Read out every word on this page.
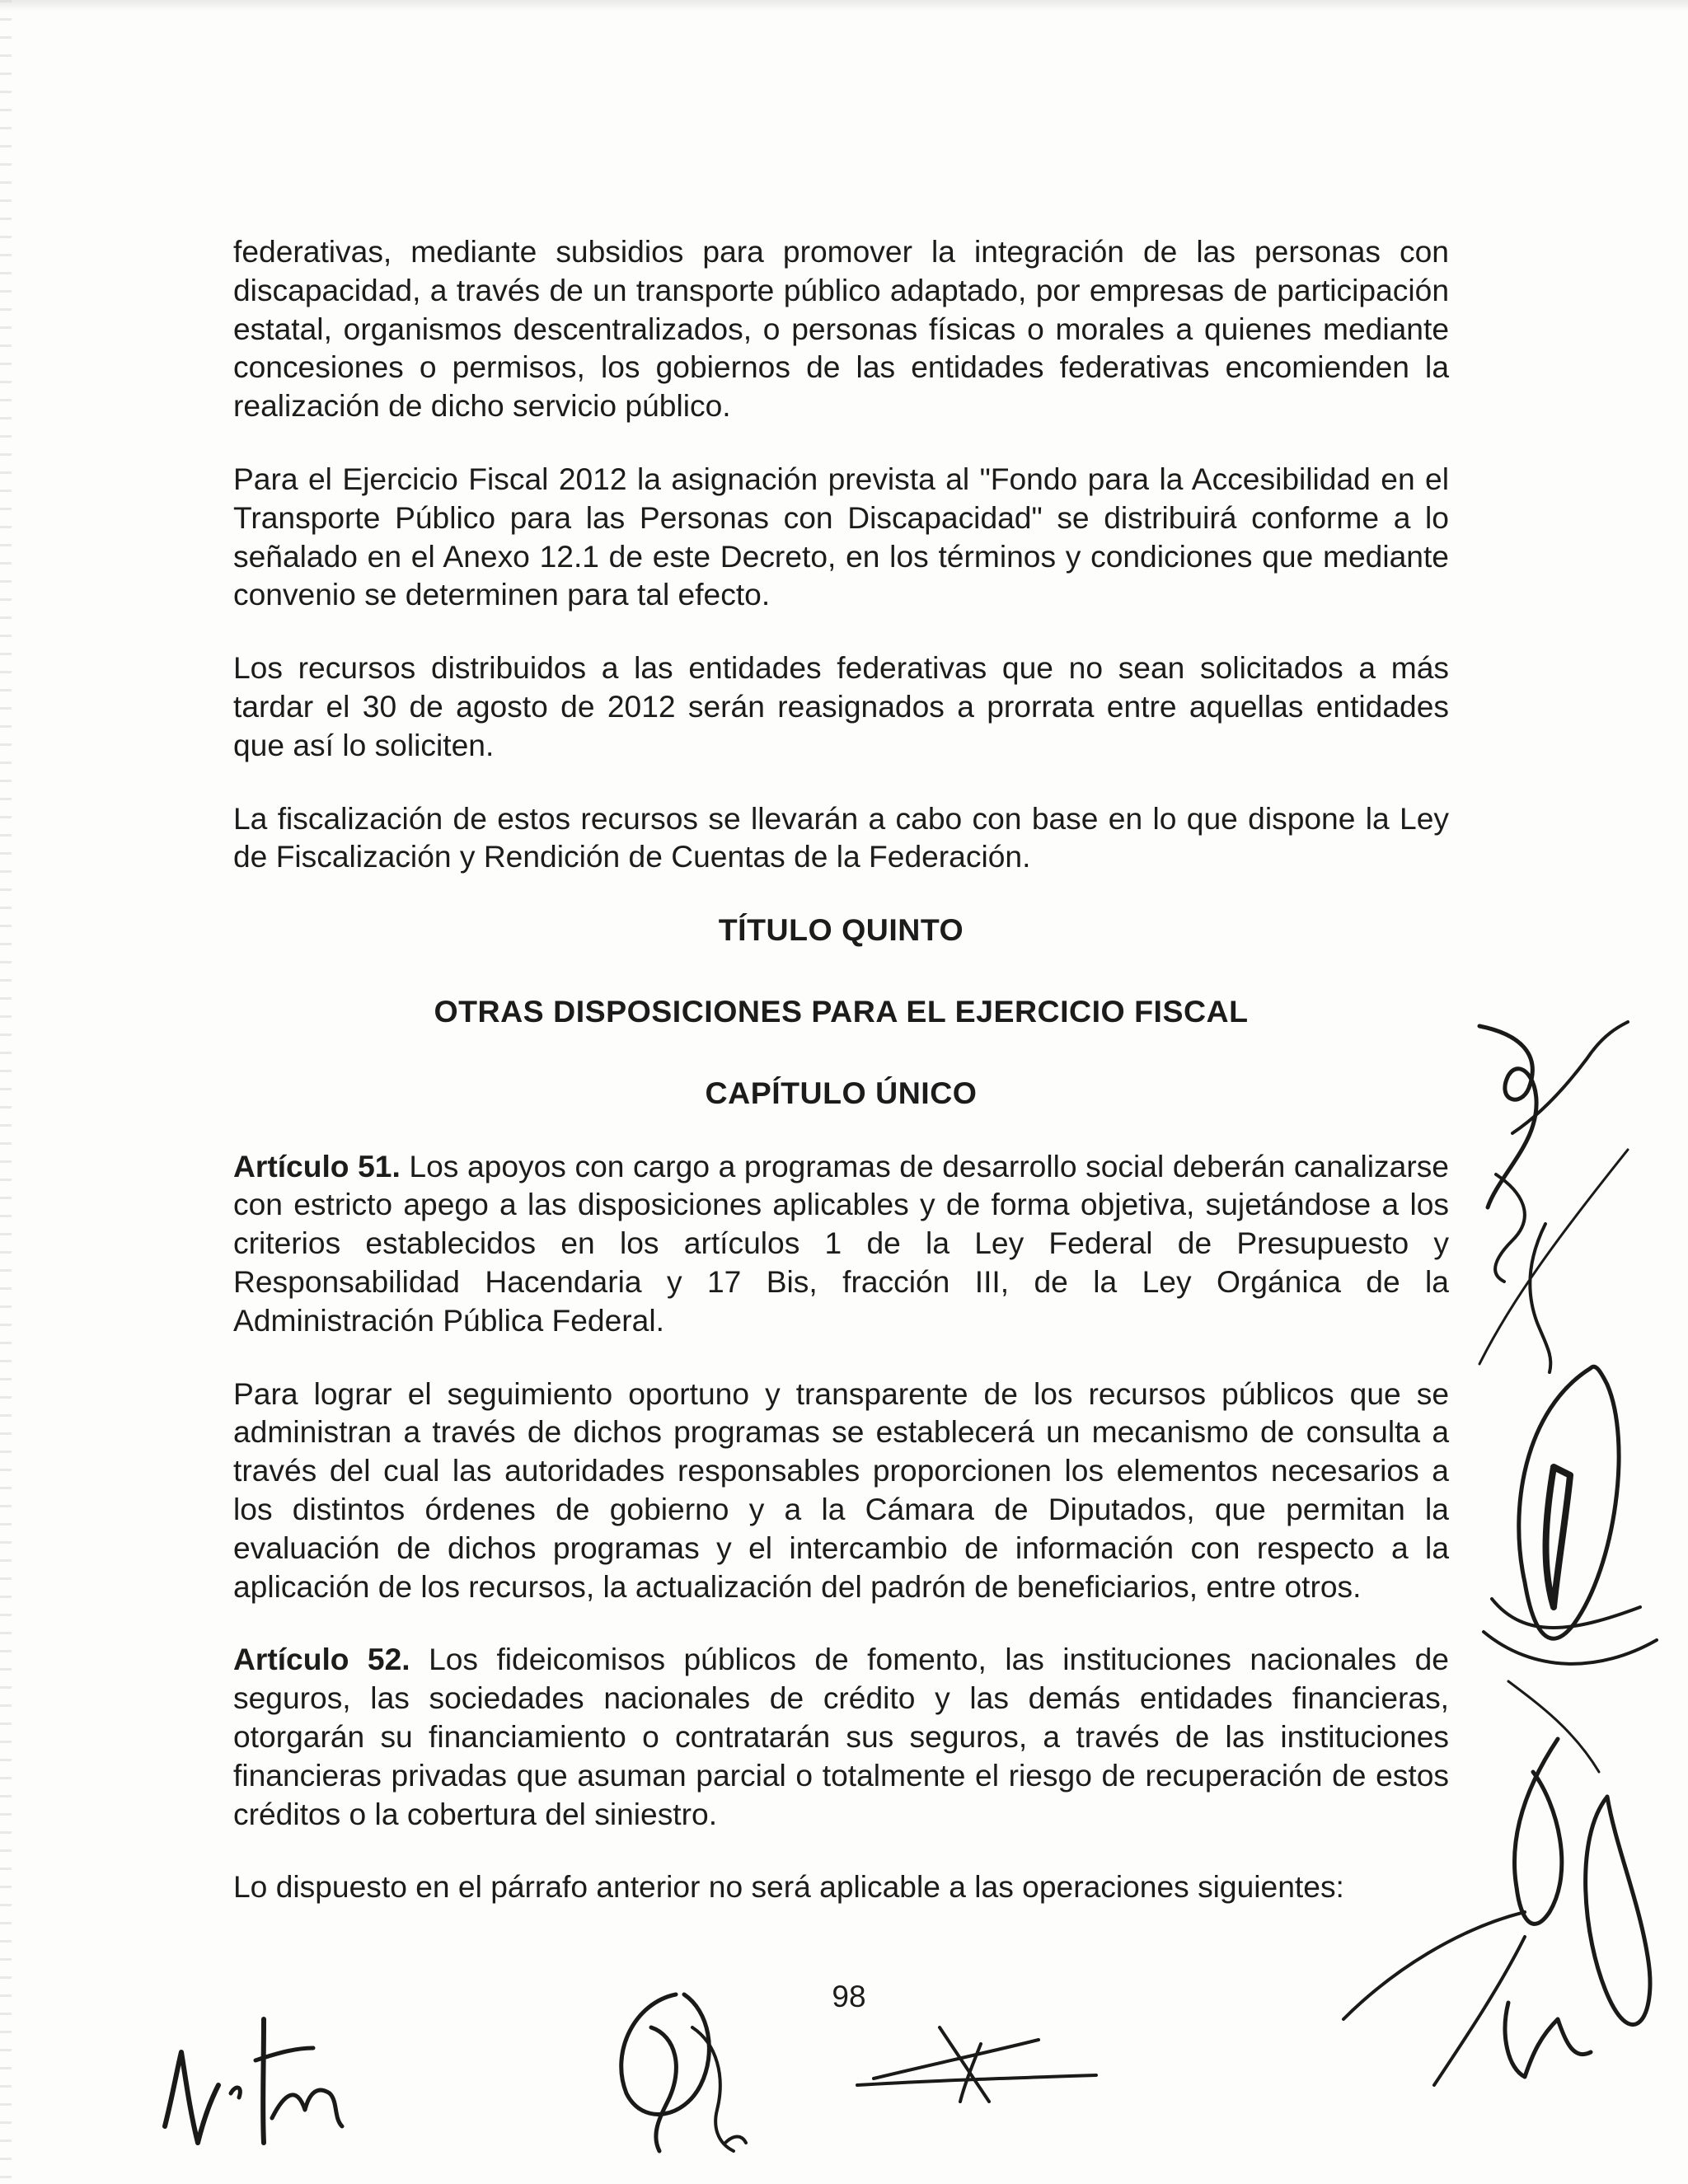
federativas, mediante subsidios para promover la integración de las personas con discapacidad, a través de un transporte público adaptado, por empresas de participación estatal, organismos descentralizados, o personas físicas o morales a quienes mediante concesiones o permisos, los gobiernos de las entidades federativas encomienden la realización de dicho servicio público.

Para el Ejercicio Fiscal 2012 la asignación prevista al "Fondo para la Accesibilidad en el Transporte Público para las Personas con Discapacidad" se distribuirá conforme a lo señalado en el Anexo 12.1 de este Decreto, en los términos y condiciones que mediante convenio se determinen para tal efecto.

Los recursos distribuidos a las entidades federativas que no sean solicitados a más tardar el 30 de agosto de 2012 serán reasignados a prorrata entre aquellas entidades que así lo soliciten.

La fiscalización de estos recursos se llevarán a cabo con base en lo que dispone la Ley de Fiscalización y Rendición de Cuentas de la Federación.

TÍTULO QUINTO

OTRAS DISPOSICIONES PARA EL EJERCICIO FISCAL

CAPÍTULO ÚNICO

Artículo 51. Los apoyos con cargo a programas de desarrollo social deberán canalizarse con estricto apego a las disposiciones aplicables y de forma objetiva, sujetándose a los criterios establecidos en los artículos 1 de la Ley Federal de Presupuesto y Responsabilidad Hacendaria y 17 Bis, fracción III, de la Ley Orgánica de la Administración Pública Federal.

Para lograr el seguimiento oportuno y transparente de los recursos públicos que se administran a través de dichos programas se establecerá un mecanismo de consulta a través del cual las autoridades responsables proporcionen los elementos necesarios a los distintos órdenes de gobierno y a la Cámara de Diputados, que permitan la evaluación de dichos programas y el intercambio de información con respecto a la aplicación de los recursos, la actualización del padrón de beneficiarios, entre otros.

Artículo 52. Los fideicomisos públicos de fomento, las instituciones nacionales de seguros, las sociedades nacionales de crédito y las demás entidades financieras, otorgarán su financiamiento o contratarán sus seguros, a través de las instituciones financieras privadas que asuman parcial o totalmente el riesgo de recuperación de estos créditos o la cobertura del siniestro.

Lo dispuesto en el párrafo anterior no será aplicable a las operaciones siguientes:

98
